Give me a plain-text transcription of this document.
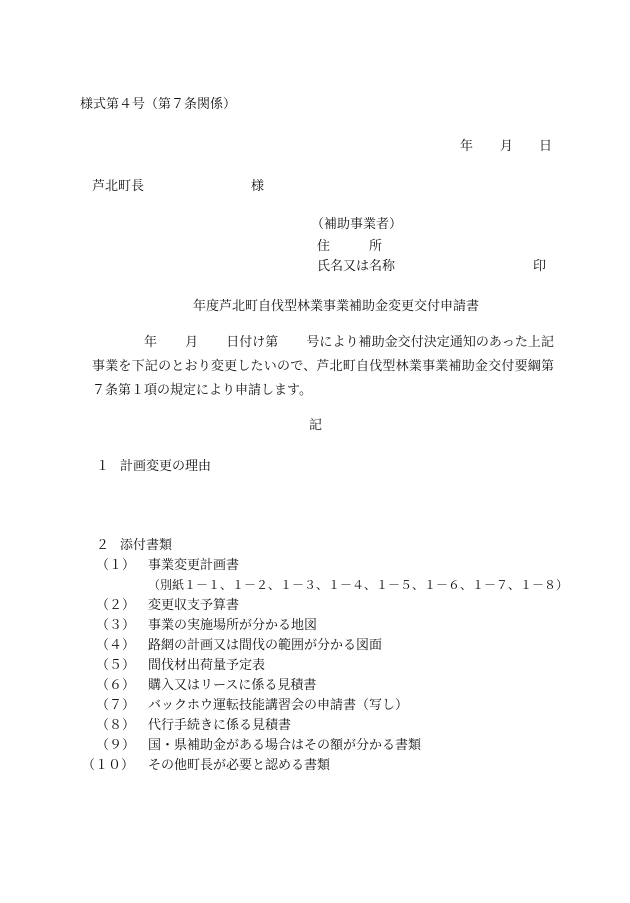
様式第４号（第７条関係）
年 月 日
芦北町長	様
（補助事業者）
住　　　所
氏名又は名称	印
年度芦北町自伐型林業事業補助金変更交付申請書
年 月 日付け第 号により補助金交付決定通知のあった上記事業を下記のとおり変更したいので、芦北町自伐型林業事業補助金交付要綱第７条第１項の規定により申請します。
記
１ 計画変更の理由
２ 添付書類
（１） 事業変更計画書
（別紙１－１、１－２、１－３、１－４、１－５、１－６、１－７、１－８）
（２） 変更収支予算書
（３） 事業の実施場所が分かる地図
（４） 路網の計画又は間伐の範囲が分かる図面
（５） 間伐材出荷量予定表
（６） 購入又はリースに係る見積書
（７） バックホウ運転技能講習会の申請書（写し）
（８） 代行手続きに係る見積書
（９） 国・県補助金がある場合はその額が分かる書類
（１０） その他町長が必要と認める書類
